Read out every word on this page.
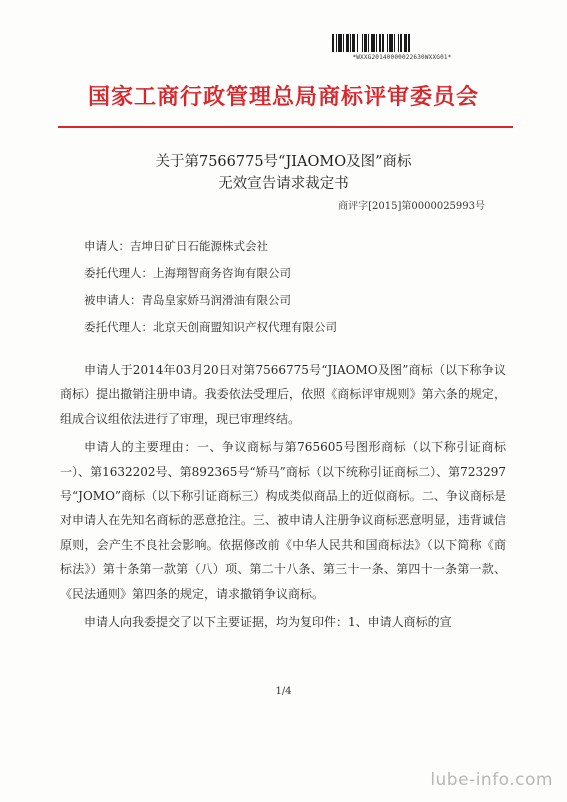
*WXXG20140000022630WXXG01*
国家工商行政管理总局商标评审委员会
关于第7566775号“JIAOMO及图”商标
无效宣告请求裁定书
商评字[2015]第0000025993号
申请人：吉坤日矿日石能源株式会社
委托代理人：上海翔智商务咨询有限公司
被申请人：青岛皇家娇马润滑油有限公司
委托代理人：北京天创商盟知识产权代理有限公司

申请人于2014年03月20日对第7566775号“JIAOMO及图”商标（以下称争议商标）提出撤销注册申请。我委依法受理后，依照《商标评审规则》第六条的规定，组成合议组依法进行了审理，现已审理终结。

申请人的主要理由：一、争议商标与第765605号图形商标（以下称引证商标一）、第1632202号、第892365号“矫马”商标（以下统称引证商标二）、第723297号“JOMO”商标（以下称引证商标三）构成类似商品上的近似商标。二、争议商标是对申请人在先知名商标的恶意抢注。三、被申请人注册争议商标恶意明显，违背诚信原则，会产生不良社会影响。依据修改前《中华人民共和国商标法》（以下简称《商标法》）第十条第一款第（八）项、第二十八条、第三十一条、第四十一条第一款、《民法通则》第四条的规定，请求撤销争议商标。

申请人向我委提交了以下主要证据，均为复印件：1、申请人商标的宣

1/4
lube-info.com
